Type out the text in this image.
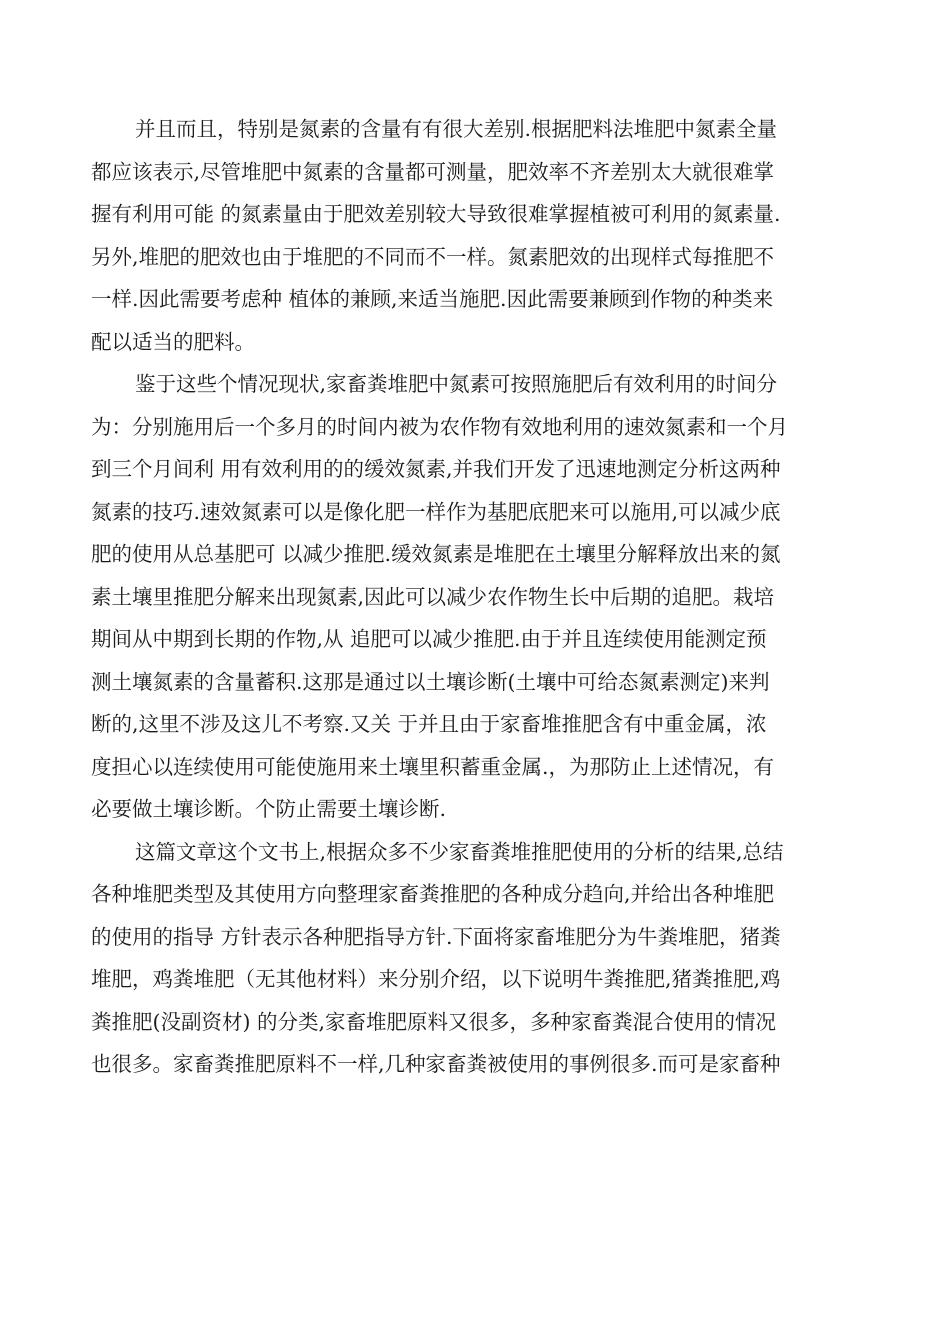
并且而且，特别是氮素的含量有有很大差别.根据肥料法堆肥中氮素全量
都应该表示,尽管堆肥中氮素的含量都可测量，肥效率不齐差别太大就很难掌
握有利用可能 的氮素量由于肥效差别较大导致很难掌握植被可利用的氮素量.
另外,堆肥的肥效也由于堆肥的不同而不一样。氮素肥效的出现样式每推肥不
一样.因此需要考虑种 植体的兼顾,来适当施肥.因此需要兼顾到作物的种类来
配以适当的肥料。
鉴于这些个情况现状,家畜粪堆肥中氮素可按照施肥后有效利用的时间分
为：分别施用后一个多月的时间内被为农作物有效地利用的速效氮素和一个月
到三个月间利 用有效利用的的缓效氮素,并我们开发了迅速地测定分析这两种
氮素的技巧.速效氮素可以是像化肥一样作为基肥底肥来可以施用,可以减少底
肥的使用从总基肥可 以减少推肥.缓效氮素是堆肥在土壤里分解释放出来的氮
素土壤里推肥分解来出现氮素,因此可以减少农作物生长中后期的追肥。栽培
期间从中期到长期的作物,从 追肥可以减少推肥.由于并且连续使用能测定预
测土壤氮素的含量蓄积.这那是通过以土壤诊断(土壤中可给态氮素测定)来判
断的,这里不涉及这儿不考察.又关 于并且由于家畜堆推肥含有中重金属，浓
度担心以连续使用可能使施用来土壤里积蓄重金属.，为那防止上述情况，有
必要做土壤诊断。个防止需要土壤诊断.
这篇文章这个文书上,根据众多不少家畜粪堆推肥使用的分析的结果,总结
各种堆肥类型及其使用方向整理家畜粪推肥的各种成分趋向,并给出各种堆肥
的使用的指导 方针表示各种肥指导方针.下面将家畜堆肥分为牛粪堆肥，猪粪
堆肥，鸡粪堆肥（无其他材料）来分别介绍，以下说明牛粪推肥,猪粪推肥,鸡
粪推肥(没副资材) 的分类,家畜堆肥原料又很多，多种家畜粪混合使用的情况
也很多。家畜粪推肥原料不一样,几种家畜粪被使用的事例很多.而可是家畜种
